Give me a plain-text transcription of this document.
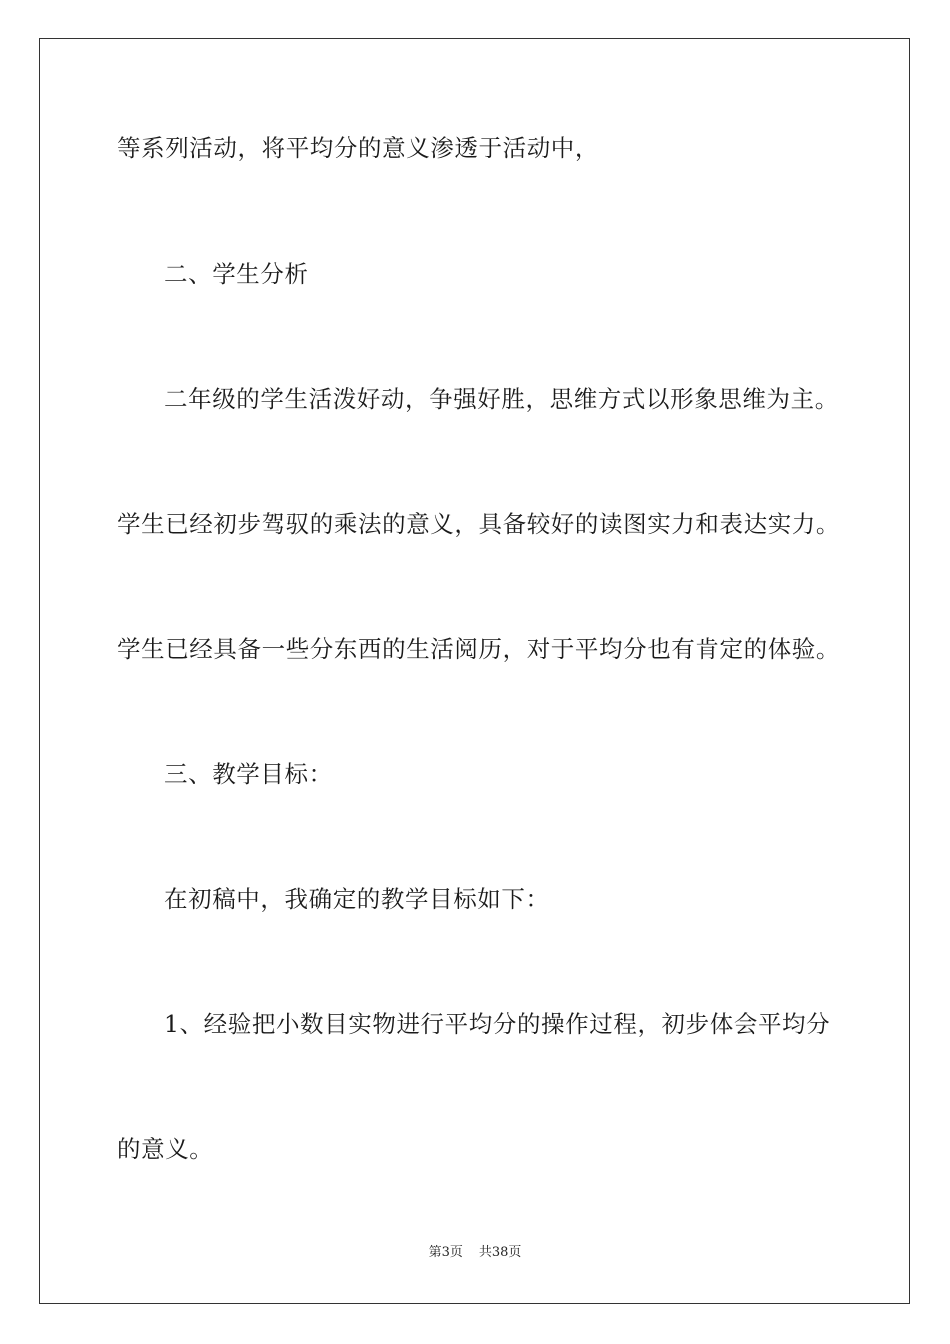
等系列活动，将平均分的意义渗透于活动中，
二、学生分析
二年级的学生活泼好动，争强好胜，思维方式以形象思维为主。
学生已经初步驾驭的乘法的意义，具备较好的读图实力和表达实力。
学生已经具备一些分东西的生活阅历，对于平均分也有肯定的体验。
三、教学目标：
在初稿中，我确定的教学目标如下：
1、经验把小数目实物进行平均分的操作过程，初步体会平均分
的意义。
第3页 共38页
